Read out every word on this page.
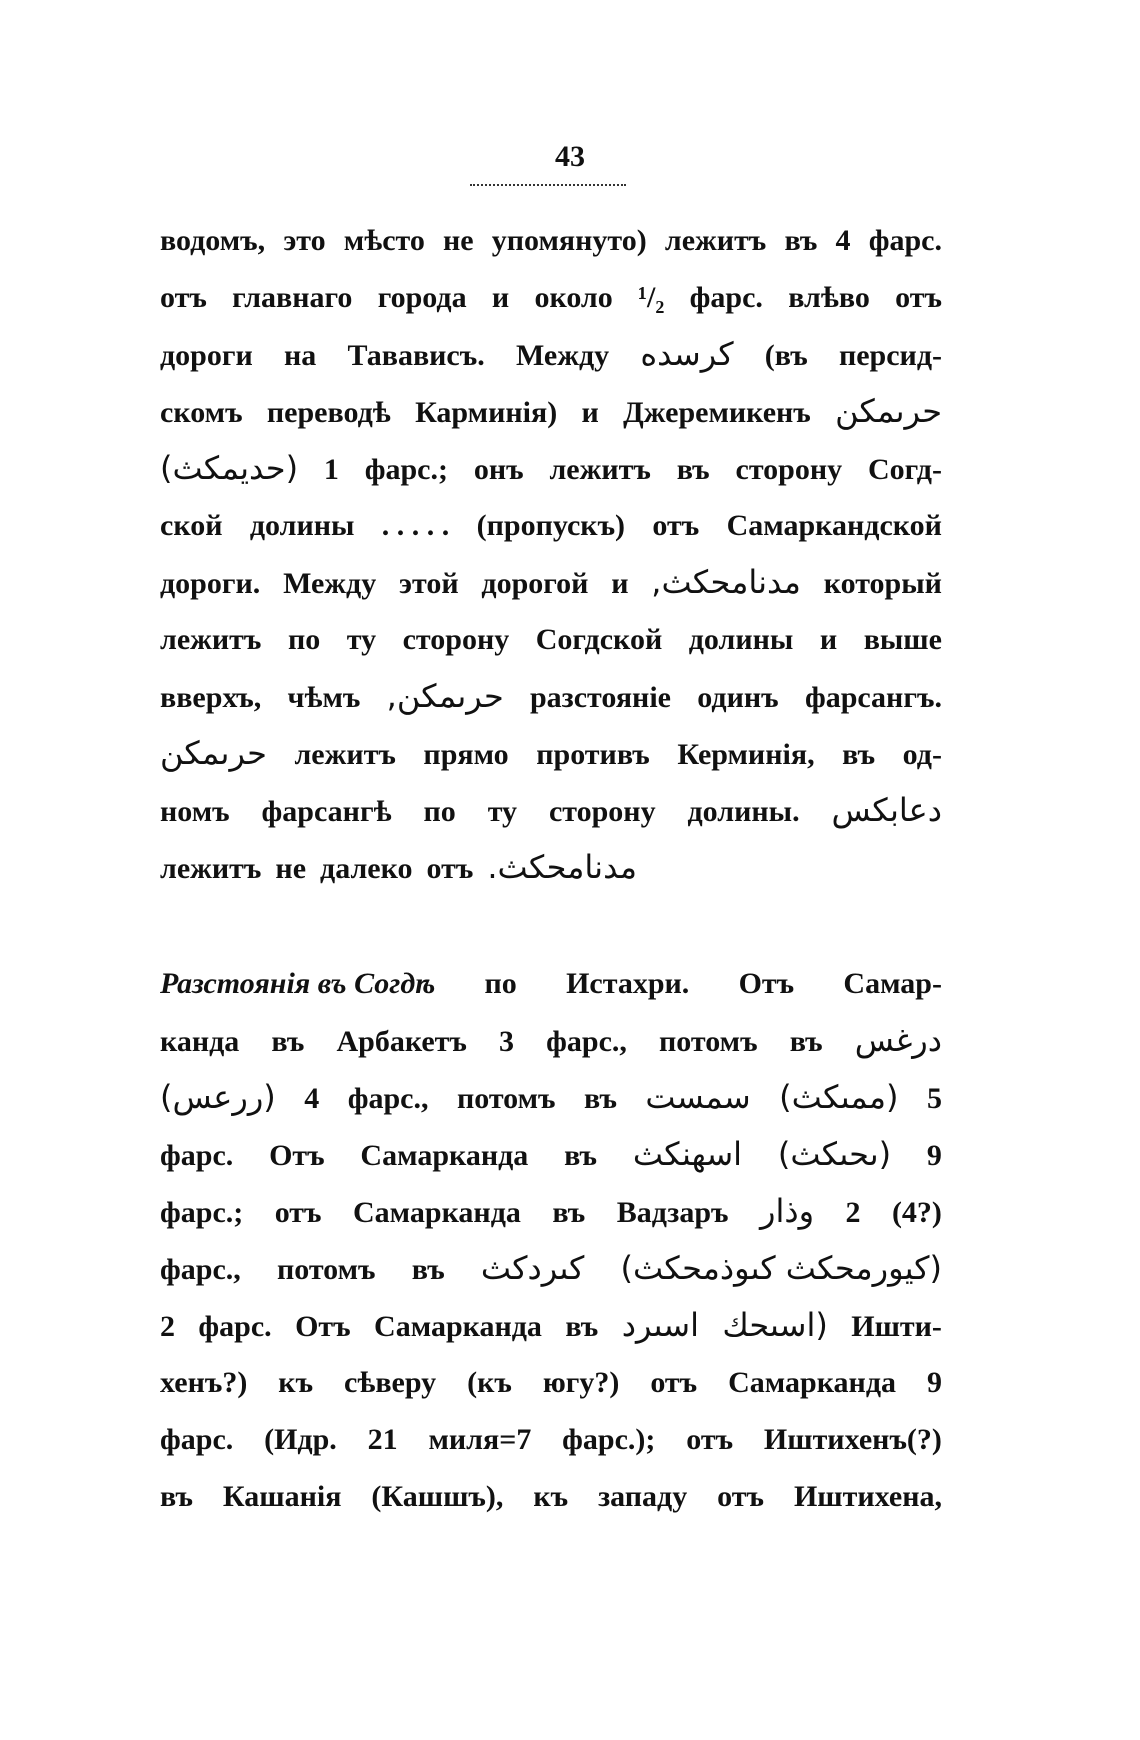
43
водомъ, это мѣсто не упомянуто) лежитъ въ 4 фарс.
отъ главнаго города и около ¹/₂ фарс. влѣво отъ
дороги на Тавависъ. Между کرسده (въ персид-
скомъ переводѣ Карминія) и Джеремикенъ حرىمكن
(حديمكث) 1 фарс.; онъ лежитъ въ сторону Согд-
ской долины . . . . . (пропускъ) отъ Самаркандской
дороги. Между этой дорогой и مدنامحكث, который
лежитъ по ту сторону Согдской долины и выше
вверхъ, чѣмъ حرىمكن, разстояніе одинъ фарсангъ.
حرىمكن лежитъ прямо противъ Керминія, въ од-
номъ фарсангѣ по ту сторону долины. دعابكس
лежитъ не далеко отъ مدنامحكث.
Разстоянія въ Согдѣ по Истахри. Отъ Самар-
канда въ Арбакетъ 3 фарс., потомъ въ درغس
(ررعس) 4 фарс., потомъ въ سمست (ممىكث) 5
фарс. Отъ Самарканда въ اسهنكث (ىحىكث) 9
фарс.; отъ Самарканда въ Вадзаръ وذار 2 (4?)
фарс., потомъ въ كىردكث (كيورمحكث كىوذمحكث)
2 фарс. Отъ Самарканда въ اسىرد (اسىحك Ишти-
хенъ?) къ сѣверу (къ югу?) отъ Самарканда 9
фарс. (Идр. 21 миля=7 фарс.); отъ Иштихенъ(?)
въ Кашанія (Кашшъ), къ западу отъ Иштихена,
